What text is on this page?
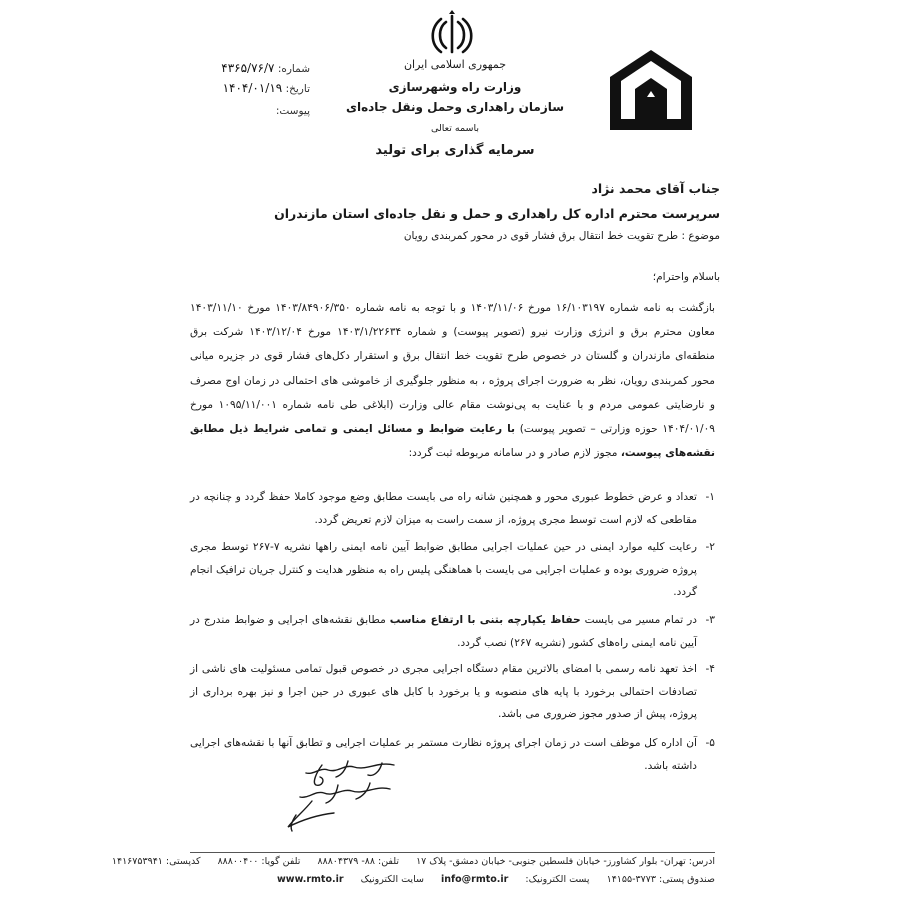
جمهوری اسلامی ایران
وزارت راه وشهرسازی
سازمان راهداری وحمل ونقل جاده‌ای
باسمه تعالی
سرمایه گذاری برای تولید
شماره: ۴۳۶۵/۷۶/۷
تاریخ: ۱۴۰۴/۰۱/۱۹
پیوست:
جناب آقای محمد نژاد
سرپرست محترم اداره کل راهداری و حمل و نقل جاده‌ای استان مازندران
موضوع : طرح تقویت خط انتقال برق فشار قوی در محور کمربندی رویان
باسلام واحترام؛
بازگشت به نامه شماره ۱۶/۱۰۳۱۹۷ مورخ ۱۴۰۳/۱۱/۰۶ و با توجه به نامه شماره ۱۴۰۳/۸۴۹۰۶/۳۵۰ مورخ ۱۴۰۳/۱۱/۱۰ معاون محترم برق و انرژی وزارت نیرو (تصویر پیوست) و شماره ۱۴۰۳/۱/۲۲۶۳۴ مورخ ۱۴۰۳/۱۲/۰۴ شرکت برق منطقه‌ای مازندران و گلستان در خصوص طرح تقویت خط انتقال برق و استقرار دکل‌های فشار قوی در جزیره میانی محور کمربندی رویان، نظر به ضرورت اجرای پروژه ، به منظور جلوگیری از خاموشی های احتمالی در زمان اوج مصرف و نارضایتی عمومی مردم و با عنایت به پی‌نوشت مقام عالی وزارت (ابلاغی طی نامه شماره ۱۰۹۵/۱۱/۰۰۱ مورخ ۱۴۰۴/۰۱/۰۹ حوزه وزارتی – تصویر پیوست) با رعایت ضوابط و مسائل ایمنی و تمامی شرایط ذیل مطابق نقشه‌های پیوست، مجوز لازم صادر و در سامانه مربوطه ثبت گردد:
۱-
تعداد و عرض خطوط عبوری محور و همچنین شانه راه می بایست مطابق وضع موجود کاملا حفظ گردد و چنانچه در مقاطعی که لازم است توسط مجری پروژه، از سمت راست به میزان لازم تعریض گردد.
۲-
رعایت کلیه موارد ایمنی در حین عملیات اجرایی مطابق ضوابط آیین نامه ایمنی راهها نشریه ۷-۲۶۷ توسط مجری پروژه ضروری بوده و عملیات اجرایی می بایست با هماهنگی پلیس راه به منظور هدایت و کنترل جریان ترافیک انجام گردد.
۳-
در تمام مسیر می بایست حفاظ یکپارچه بتنی با ارتفاع مناسب مطابق نقشه‌های اجرایی و ضوابط مندرج در آیین نامه ایمنی راه‌های کشور (نشریه ۲۶۷) نصب گردد.
۴-
اخذ تعهد نامه رسمی با امضای بالاترین مقام دستگاه اجرایی مجری در خصوص قبول تمامی مسئولیت های ناشی از تصادفات احتمالی برخورد با پایه های منصوبه و یا برخورد با کابل های عبوری در حین اجرا و نیز بهره برداری از پروژه، پیش از صدور مجوز ضروری می باشد.
۵-
آن اداره کل موظف است در زمان اجرای پروژه نظارت مستمر بر عملیات اجرایی و تطابق آنها با نقشه‌های اجرایی داشته باشد.
ادرس: تهران- بلوار کشاورز- خیابان فلسطین جنوبی- خیابان دمشق- پلاک ۱۷ تلفن: ۸۸- ۸۸۸۰۴۳۷۹ تلفن گویا: ۸۸۸۰۰۴۰۰ کدپستی: ۱۴۱۶۷۵۳۹۴۱
صندوق پستی: ۳۷۷۳-۱۴۱۵۵ پست الکترونیک: info@rmto.ir سایت الکترونیک www.rmto.ir
